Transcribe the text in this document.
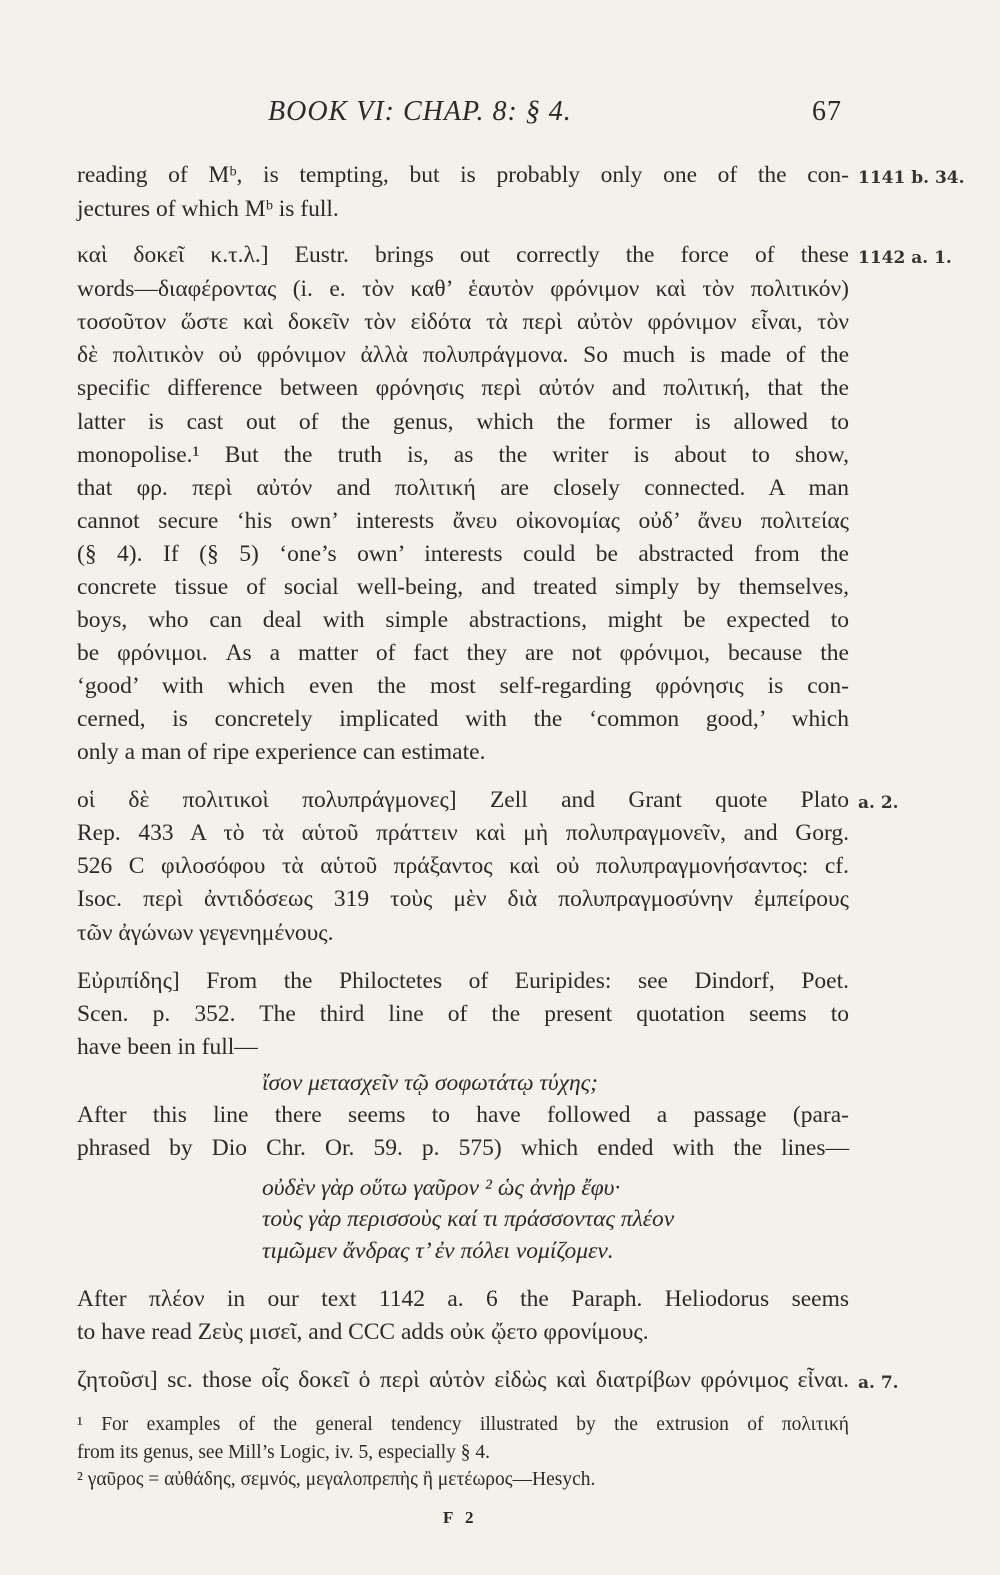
BOOK VI: CHAP. 8: § 4.	67
reading of Mᵇ, is tempting, but is probably only one of the con-
jectures of which Mᵇ is full.
καὶ δοκεῖ κ.τ.λ.] Eustr. brings out correctly the force of these
words—διαφέροντας (i. e. τὸν καθ’ ἑαυτὸν φρόνιμον καὶ τὸν πολιτικόν)
τοσοῦτον ὥστε καὶ δοκεῖν τὸν εἰδότα τὰ περὶ αὐτὸν φρόνιμον εἶναι, τὸν
δὲ πολιτικὸν οὐ φρόνιμον ἀλλὰ πολυπράγμονα. So much is made of the
specific difference between φρόνησις περὶ αὐτόν and πολιτική, that the
latter is cast out of the genus, which the former is allowed to
monopolise.¹ But the truth is, as the writer is about to show,
that φρ. περὶ αὐτόν and πολιτική are closely connected. A man
cannot secure ‘his own’ interests ἄνευ οἰκονομίας οὐδ’ ἄνευ πολιτείας
(§ 4). If (§ 5) ‘one’s own’ interests could be abstracted from the
concrete tissue of social well-being, and treated simply by themselves,
boys, who can deal with simple abstractions, might be expected to
be φρόνιμοι. As a matter of fact they are not φρόνιμοι, because the
‘good’ with which even the most self-regarding φρόνησις is con-
cerned, is concretely implicated with the ‘common good,’ which
only a man of ripe experience can estimate.
οἱ δὲ πολιτικοὶ πολυπράγμονες] Zell and Grant quote Plato
Rep. 433 A τὸ τὰ αὑτοῦ πράττειν καὶ μὴ πολυπραγμονεῖν, and Gorg.
526 C φιλοσόφου τὰ αὑτοῦ πράξαντος καὶ οὐ πολυπραγμονήσαντος: cf.
Isoc. περὶ ἀντιδόσεως 319 τοὺς μὲν διὰ πολυπραγμοσύνην ἐμπείρους
τῶν ἀγώνων γεγενημένους.
Εὐριπίδης] From the Philoctetes of Euripides: see Dindorf, Poet.
Scen. p. 352. The third line of the present quotation seems to
have been in full—
ἴσον μετασχεῖν τῷ σοφωτάτῳ τύχης;
After this line there seems to have followed a passage (para-
phrased by Dio Chr. Or. 59. p. 575) which ended with the lines—
οὐδὲν γὰρ οὕτω γαῦρον ² ὡς ἀνὴρ ἔφυ·
τοὺς γὰρ περισσοὺς καί τι πράσσοντας πλέον
τιμῶμεν ἄνδρας τ’ ἐν πόλει νομίζομεν.
After πλέον in our text 1142 a. 6 the Paraph. Heliodorus seems
to have read Ζεὺς μισεῖ, and CCC adds οὐκ ᾤετο φρονίμους.
ζητοῦσι] sc. those οἷς δοκεῖ ὁ περὶ αὑτὸν εἰδὼς καὶ διατρίβων φρόνιμος εἶναι.
1141 b. 34.
1142 a. 1.
a. 2.
a. 7.
¹ For examples of the general tendency illustrated by the extrusion of πολιτική
from its genus, see Mill’s Logic, iv. 5, especially § 4.
² γαῦρος = αὐθάδης, σεμνός, μεγαλοπρεπὴς ἢ μετέωρος—Hesych.
F 2
